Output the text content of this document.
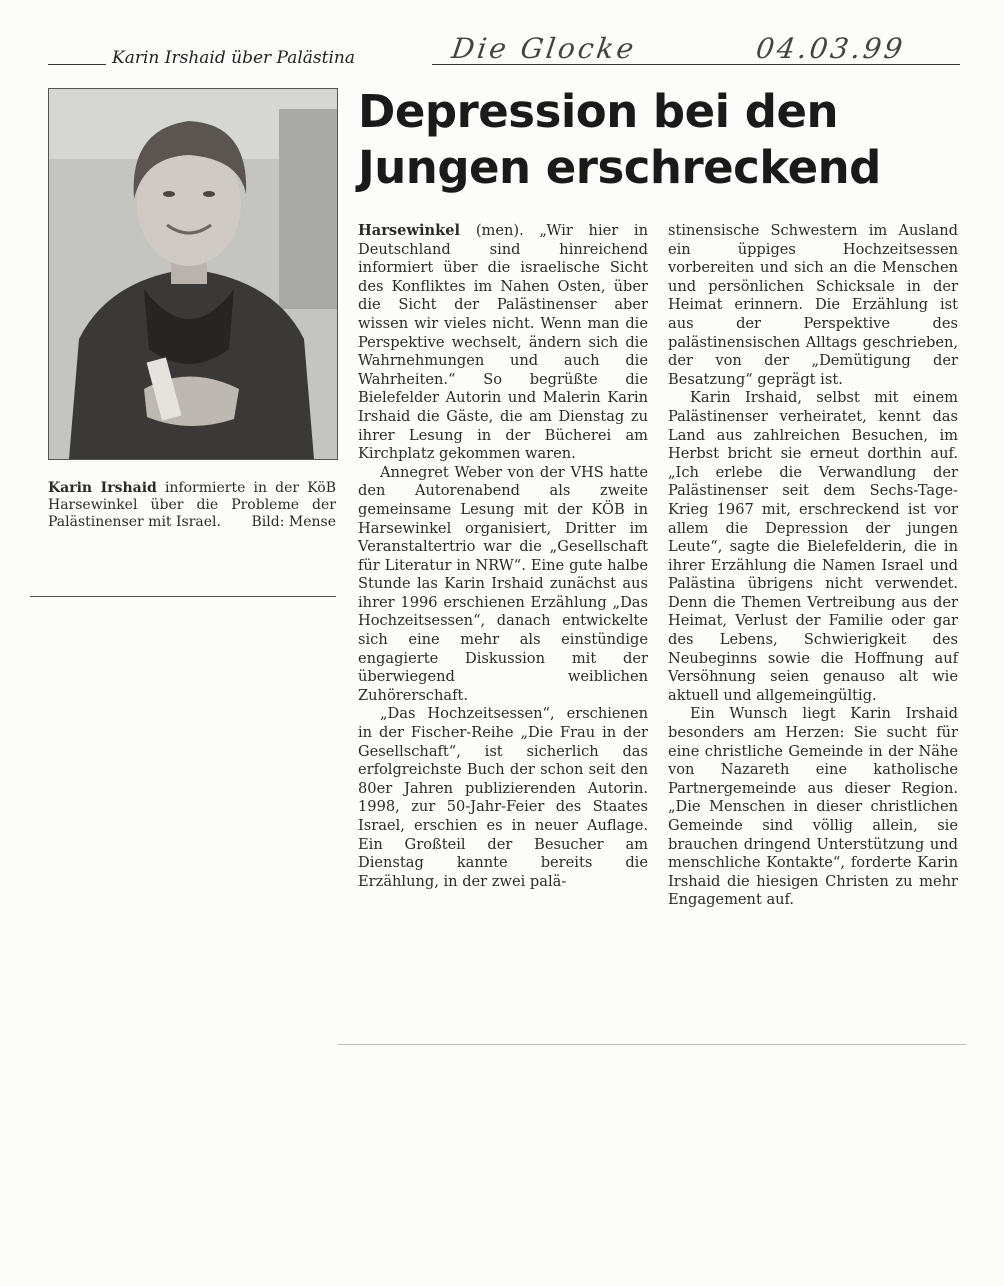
Karin Irshaid über Palästina	Die Glocke	04.03.99
Karin Irshaid informierte in der KöB Harsewinkel über die Probleme der Palästinenser mit Israel. Bild: Mense
Depression bei den Jungen erschreckend

Harsewinkel (men). „Wir hier in Deutschland sind hinreichend informiert über die israelische Sicht des Konfliktes im Nahen Osten, über die Sicht der Palästinenser aber wissen wir vieles nicht. Wenn man die Perspektive wechselt, ändern sich die Wahrnehmungen und auch die Wahrheiten.“ So begrüßte die Bielefelder Autorin und Malerin Karin Irshaid die Gäste, die am Dienstag zu ihrer Lesung in der Bücherei am Kirchplatz gekommen waren.

Annegret Weber von der VHS hatte den Autorenabend als zweite gemeinsame Lesung mit der KÖB in Harsewinkel organisiert, Dritter im Veranstaltertrio war die „Gesellschaft für Literatur in NRW“. Eine gute halbe Stunde las Karin Irshaid zunächst aus ihrer 1996 erschienen Erzählung „Das Hochzeitsessen“, danach entwickelte sich eine mehr als einstündige engagierte Diskussion mit der überwiegend weiblichen Zuhörerschaft.

„Das Hochzeitsessen“, erschienen in der Fischer-Reihe „Die Frau in der Gesellschaft“, ist sicherlich das erfolgreichste Buch der schon seit den 80er Jahren publizierenden Autorin. 1998, zur 50-Jahr-Feier des Staates Israel, erschien es in neuer Auflage. Ein Großteil der Besucher am Dienstag kannte bereits die Erzählung, in der zwei palä-

stinensische Schwestern im Ausland ein üppiges Hochzeitsessen vorbereiten und sich an die Menschen und persönlichen Schicksale in der Heimat erinnern. Die Erzählung ist aus der Perspektive des palästinensischen Alltags geschrieben, der von der „Demütigung der Besatzung“ geprägt ist.

Karin Irshaid, selbst mit einem Palästinenser verheiratet, kennt das Land aus zahlreichen Besuchen, im Herbst bricht sie erneut dorthin auf. „Ich erlebe die Verwandlung der Palästinenser seit dem Sechs-Tage-Krieg 1967 mit, erschreckend ist vor allem die Depression der jungen Leute“, sagte die Bielefelderin, die in ihrer Erzählung die Namen Israel und Palästina übrigens nicht verwendet. Denn die Themen Vertreibung aus der Heimat, Verlust der Familie oder gar des Lebens, Schwierigkeit des Neubeginns sowie die Hoffnung auf Versöhnung seien genauso alt wie aktuell und allgemeingültig.

Ein Wunsch liegt Karin Irshaid besonders am Herzen: Sie sucht für eine christliche Gemeinde in der Nähe von Nazareth eine katholische Partnergemeinde aus dieser Region. „Die Menschen in dieser christlichen Gemeinde sind völlig allein, sie brauchen dringend Unterstützung und menschliche Kontakte“, forderte Karin Irshaid die hiesigen Christen zu mehr Engagement auf.
